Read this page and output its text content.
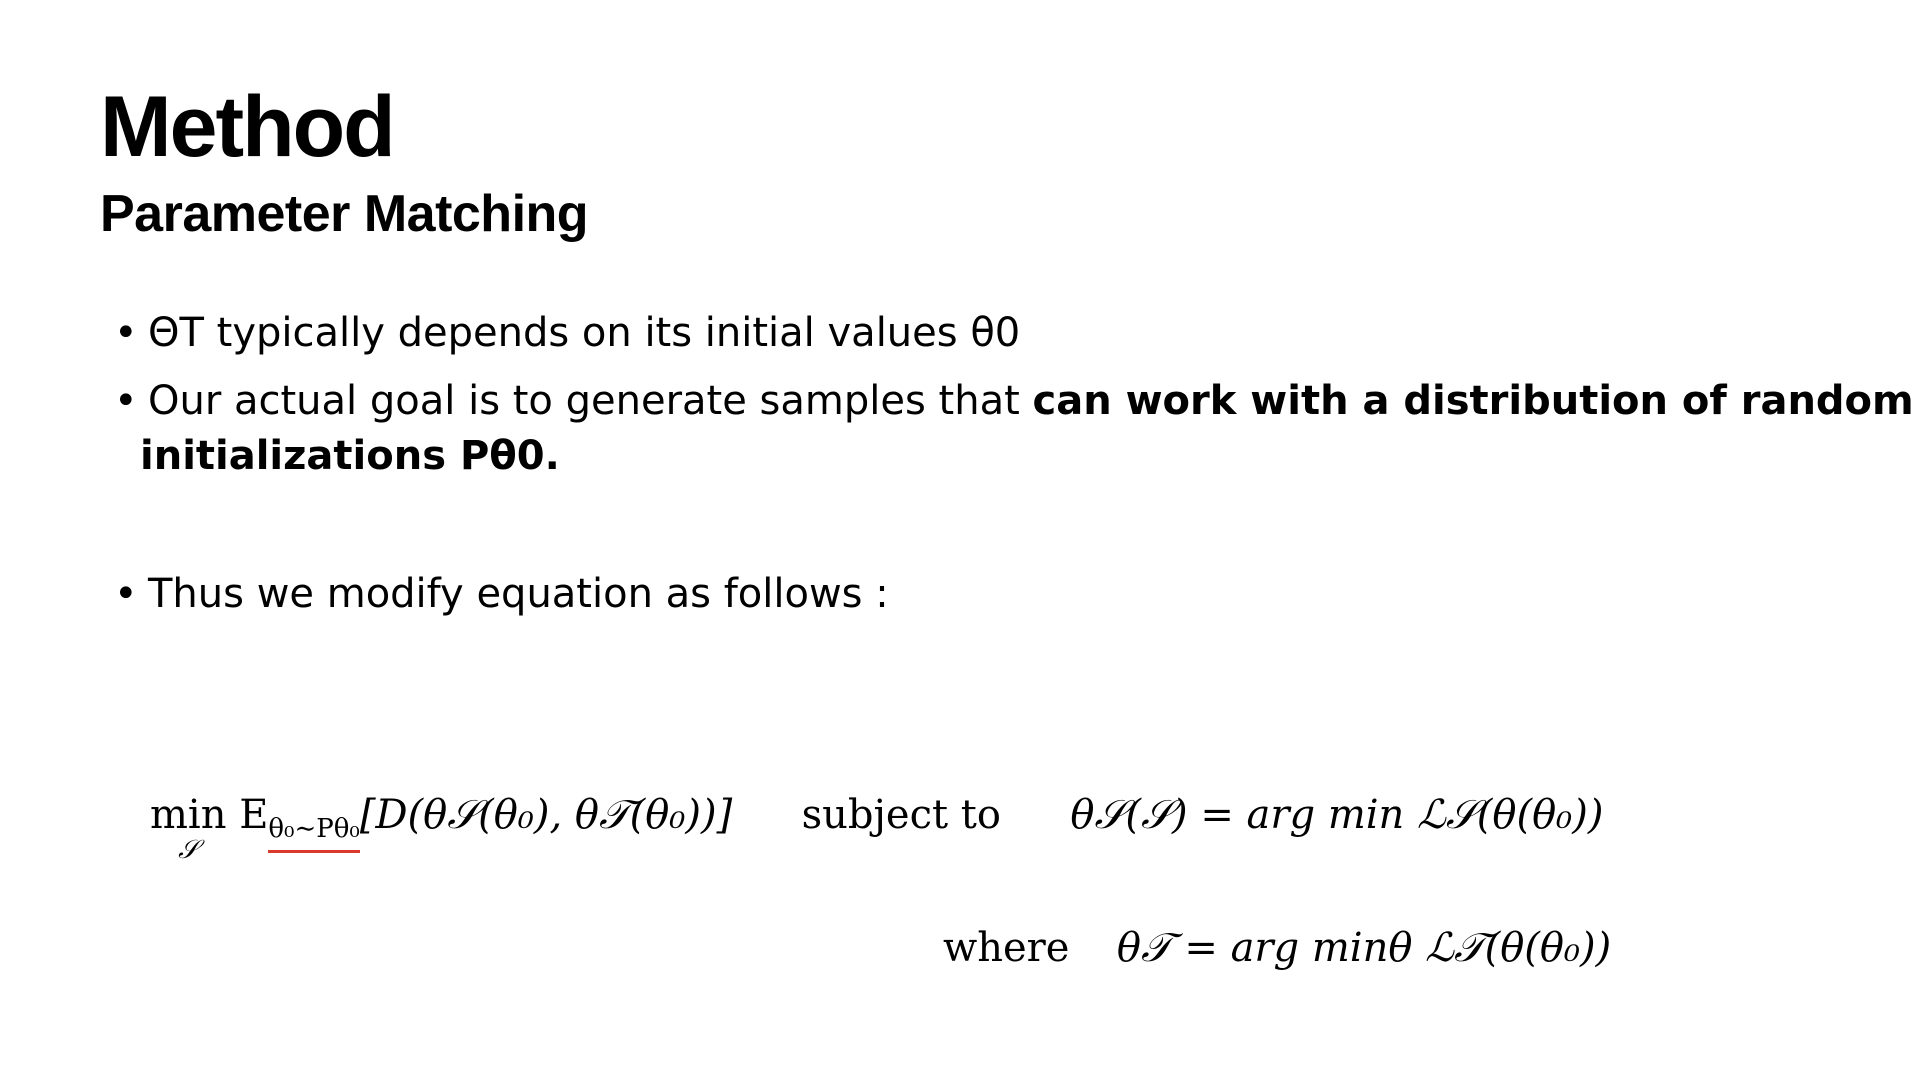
Method
Parameter Matching
• ΘT typically depends on its initial values θ0
• Our actual goal is to generate samples that can work with a distribution of random
initializations Pθ0.
• Thus we modify equation as follows :
min
𝒮
$E_{\theta_0\sim P\theta_0}[D(\theta 𝒮(\theta_0)$, θ𝒯(θ₀))] subject to θ𝒮(𝒮) = arg min ℒ𝒮(θ(θ₀))
where θ𝒯 = arg minθ ℒ𝒯(θ(θ₀))
